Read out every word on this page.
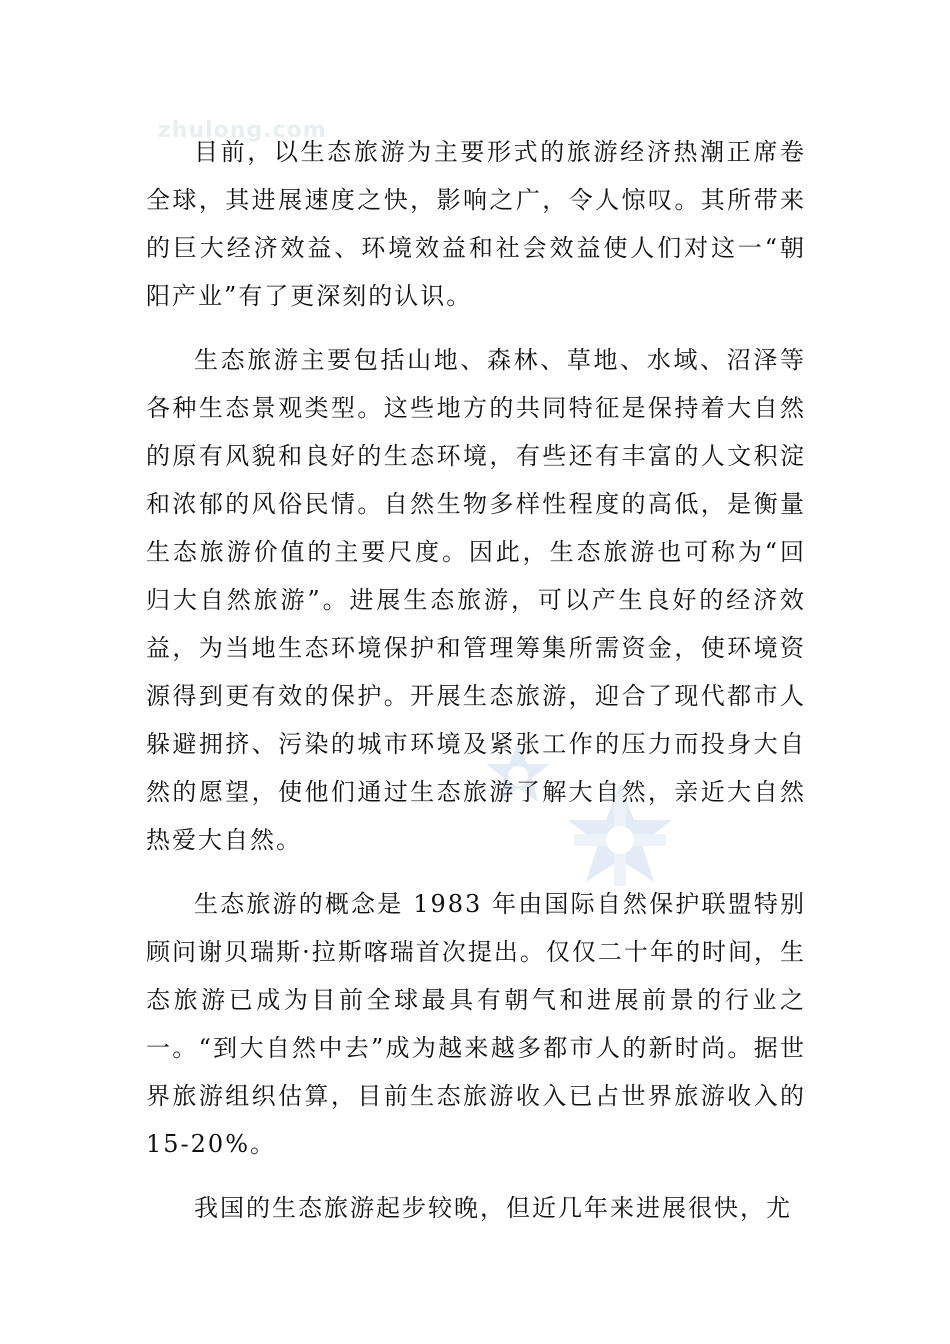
zhulong.com

目前，以生态旅游为主要形式的旅游经济热潮正席卷全球，其进展速度之快，影响之广，令人惊叹。其所带来的巨大经济效益、环境效益和社会效益使人们对这一“朝阳产业”有了更深刻的认识。

生态旅游主要包括山地、森林、草地、水域、沼泽等各种生态景观类型。这些地方的共同特征是保持着大自然的原有风貌和良好的生态环境，有些还有丰富的人文积淀和浓郁的风俗民情。自然生物多样性程度的高低，是衡量生态旅游价值的主要尺度。因此，生态旅游也可称为“回归大自然旅游”。进展生态旅游，可以产生良好的经济效益，为当地生态环境保护和管理筹集所需资金，使环境资源得到更有效的保护。开展生态旅游，迎合了现代都市人躲避拥挤、污染的城市环境及紧张工作的压力而投身大自然的愿望，使他们通过生态旅游了解大自然，亲近大自然热爱大自然。

生态旅游的概念是 1983 年由国际自然保护联盟特别顾问谢贝瑞斯·拉斯喀瑞首次提出。仅仅二十年的时间，生态旅游已成为目前全球最具有朝气和进展前景的行业之一。“到大自然中去”成为越来越多都市人的新时尚。据世界旅游组织估算，目前生态旅游收入已占世界旅游收入的 15-20%。

我国的生态旅游起步较晚，但近几年来进展很快，尤
